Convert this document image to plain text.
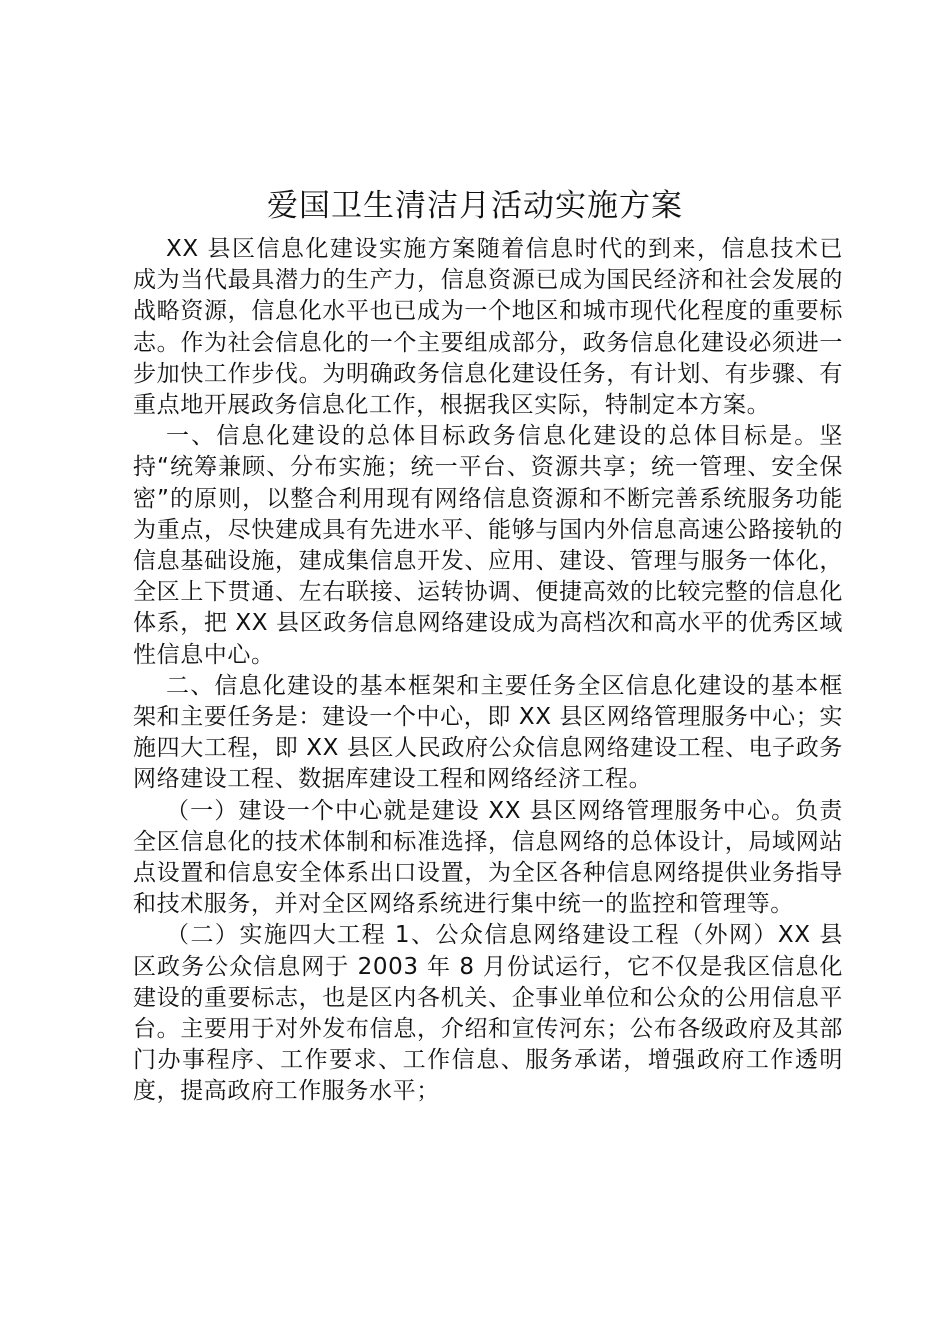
爱国卫生清洁月活动实施方案

XX 县区信息化建设实施方案随着信息时代的到来，信息技术已成为当代最具潜力的生产力，信息资源已成为国民经济和社会发展的战略资源，信息化水平也已成为一个地区和城市现代化程度的重要标志。作为社会信息化的一个主要组成部分，政务信息化建设必须进一步加快工作步伐。为明确政务信息化建设任务，有计划、有步骤、有重点地开展政务信息化工作，根据我区实际，特制定本方案。

一、信息化建设的总体目标政务信息化建设的总体目标是。坚持“统筹兼顾、分布实施；统一平台、资源共享；统一管理、安全保密”的原则，以整合利用现有网络信息资源和不断完善系统服务功能为重点，尽快建成具有先进水平、能够与国内外信息高速公路接轨的信息基础设施，建成集信息开发、应用、建设、管理与服务一体化，全区上下贯通、左右联接、运转协调、便捷高效的比较完整的信息化体系，把 XX 县区政务信息网络建设成为高档次和高水平的优秀区域性信息中心。

二、信息化建设的基本框架和主要任务全区信息化建设的基本框架和主要任务是：建设一个中心，即 XX 县区网络管理服务中心；实施四大工程，即 XX 县区人民政府公众信息网络建设工程、电子政务网络建设工程、数据库建设工程和网络经济工程。

（一）建设一个中心就是建设 XX 县区网络管理服务中心。负责全区信息化的技术体制和标准选择，信息网络的总体设计，局域网站点设置和信息安全体系出口设置，为全区各种信息网络提供业务指导和技术服务，并对全区网络系统进行集中统一的监控和管理等。

（二）实施四大工程 1、公众信息网络建设工程（外网）XX 县区政务公众信息网于 2003 年 8 月份试运行，它不仅是我区信息化建设的重要标志，也是区内各机关、企事业单位和公众的公用信息平台。主要用于对外发布信息，介绍和宣传河东；公布各级政府及其部门办事程序、工作要求、工作信息、服务承诺，增强政府工作透明度，提高政府工作服务水平；
